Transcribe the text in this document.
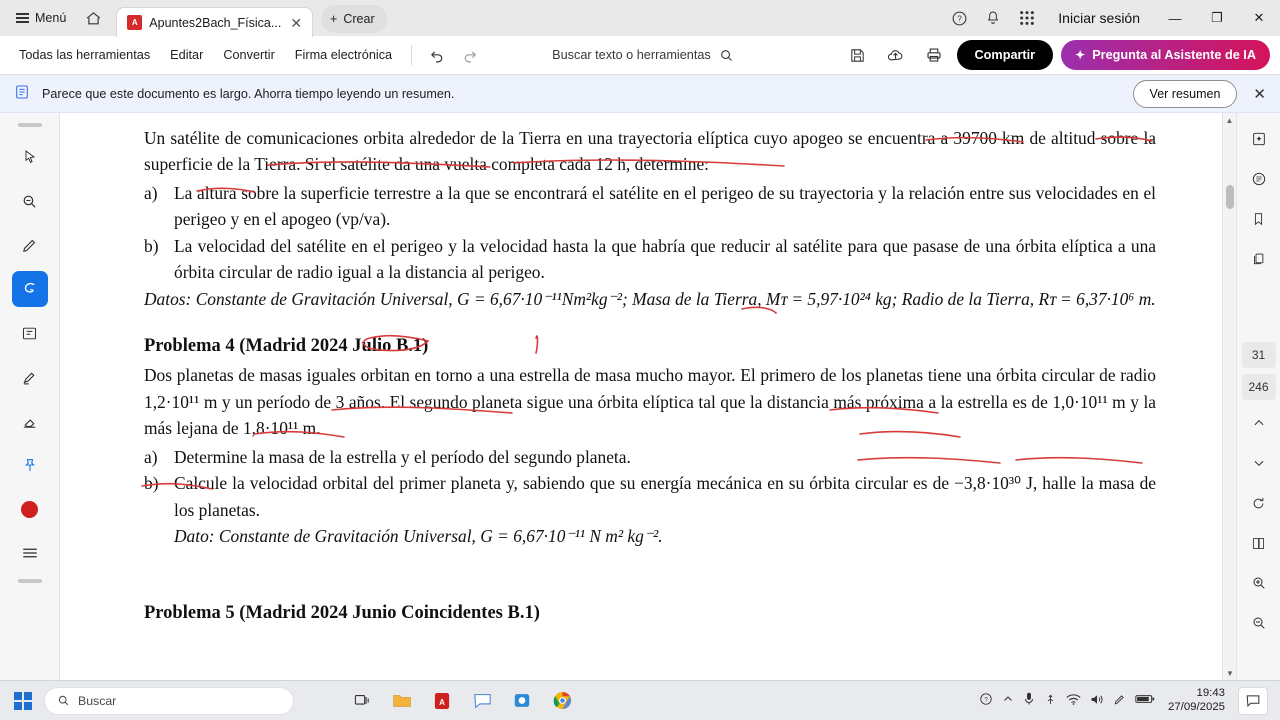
Menú	A Apuntes2Bach_Física... ✕ + Crear	?	Iniciar sesión	—	❐	✕
Todas las herramientas	Editar	Convertir	Firma electrónica	Buscar texto o herramientas	Compartir	✦ Pregunta al Asistente de IA
Parece que este documento es largo. Ahorra tiempo leyendo un resumen.	Ver resumen	✕

Un satélite de comunicaciones orbita alrededor de la Tierra en una trayectoria elíptica cuyo apogeo se encuentra a 39700 km de altitud sobre la superficie de la Tierra. Si el satélite da una vuelta completa cada 12 h, determine:

a) La altura sobre la superficie terrestre a la que se encontrará el satélite en el perigeo de su trayectoria y la relación entre sus velocidades en el perigeo y en el apogeo (vp/va).
b) La velocidad del satélite en el perigeo y la velocidad hasta la que habría que reducir al satélite para que pasase de una órbita elíptica a una órbita circular de radio igual a la distancia al perigeo.

Datos: Constante de Gravitación Universal, G = 6,67·10⁻¹¹Nm²kg⁻²; Masa de la Tierra, Mᴛ = 5,97·10²⁴ kg; Radio de la Tierra, Rᴛ = 6,37·10⁶ m.

Problema 4 (Madrid 2024 Julio B.1)

Dos planetas de masas iguales orbitan en torno a una estrella de masa mucho mayor. El primero de los planetas tiene una órbita circular de radio 1,2·10¹¹ m y un período de 3 años. El segundo planeta sigue una órbita elíptica tal que la distancia más próxima a la estrella es de 1,0·10¹¹ m y la más lejana de 1,8·10¹¹ m.

a) Determine la masa de la estrella y el período del segundo planeta.
b) Calcule la velocidad orbital del primer planeta y, sabiendo que su energía mecánica en su órbita circular es de −3,8·10³⁰ J, halle la masa de los planetas.

Dato: Constante de Gravitación Universal, G = 6,67·10⁻¹¹ N m² kg⁻².

Problema 5 (Madrid 2024 Junio Coincidentes B.1)
▲
▼
31
246
Buscar	A	?
19:43
27/09/2025
